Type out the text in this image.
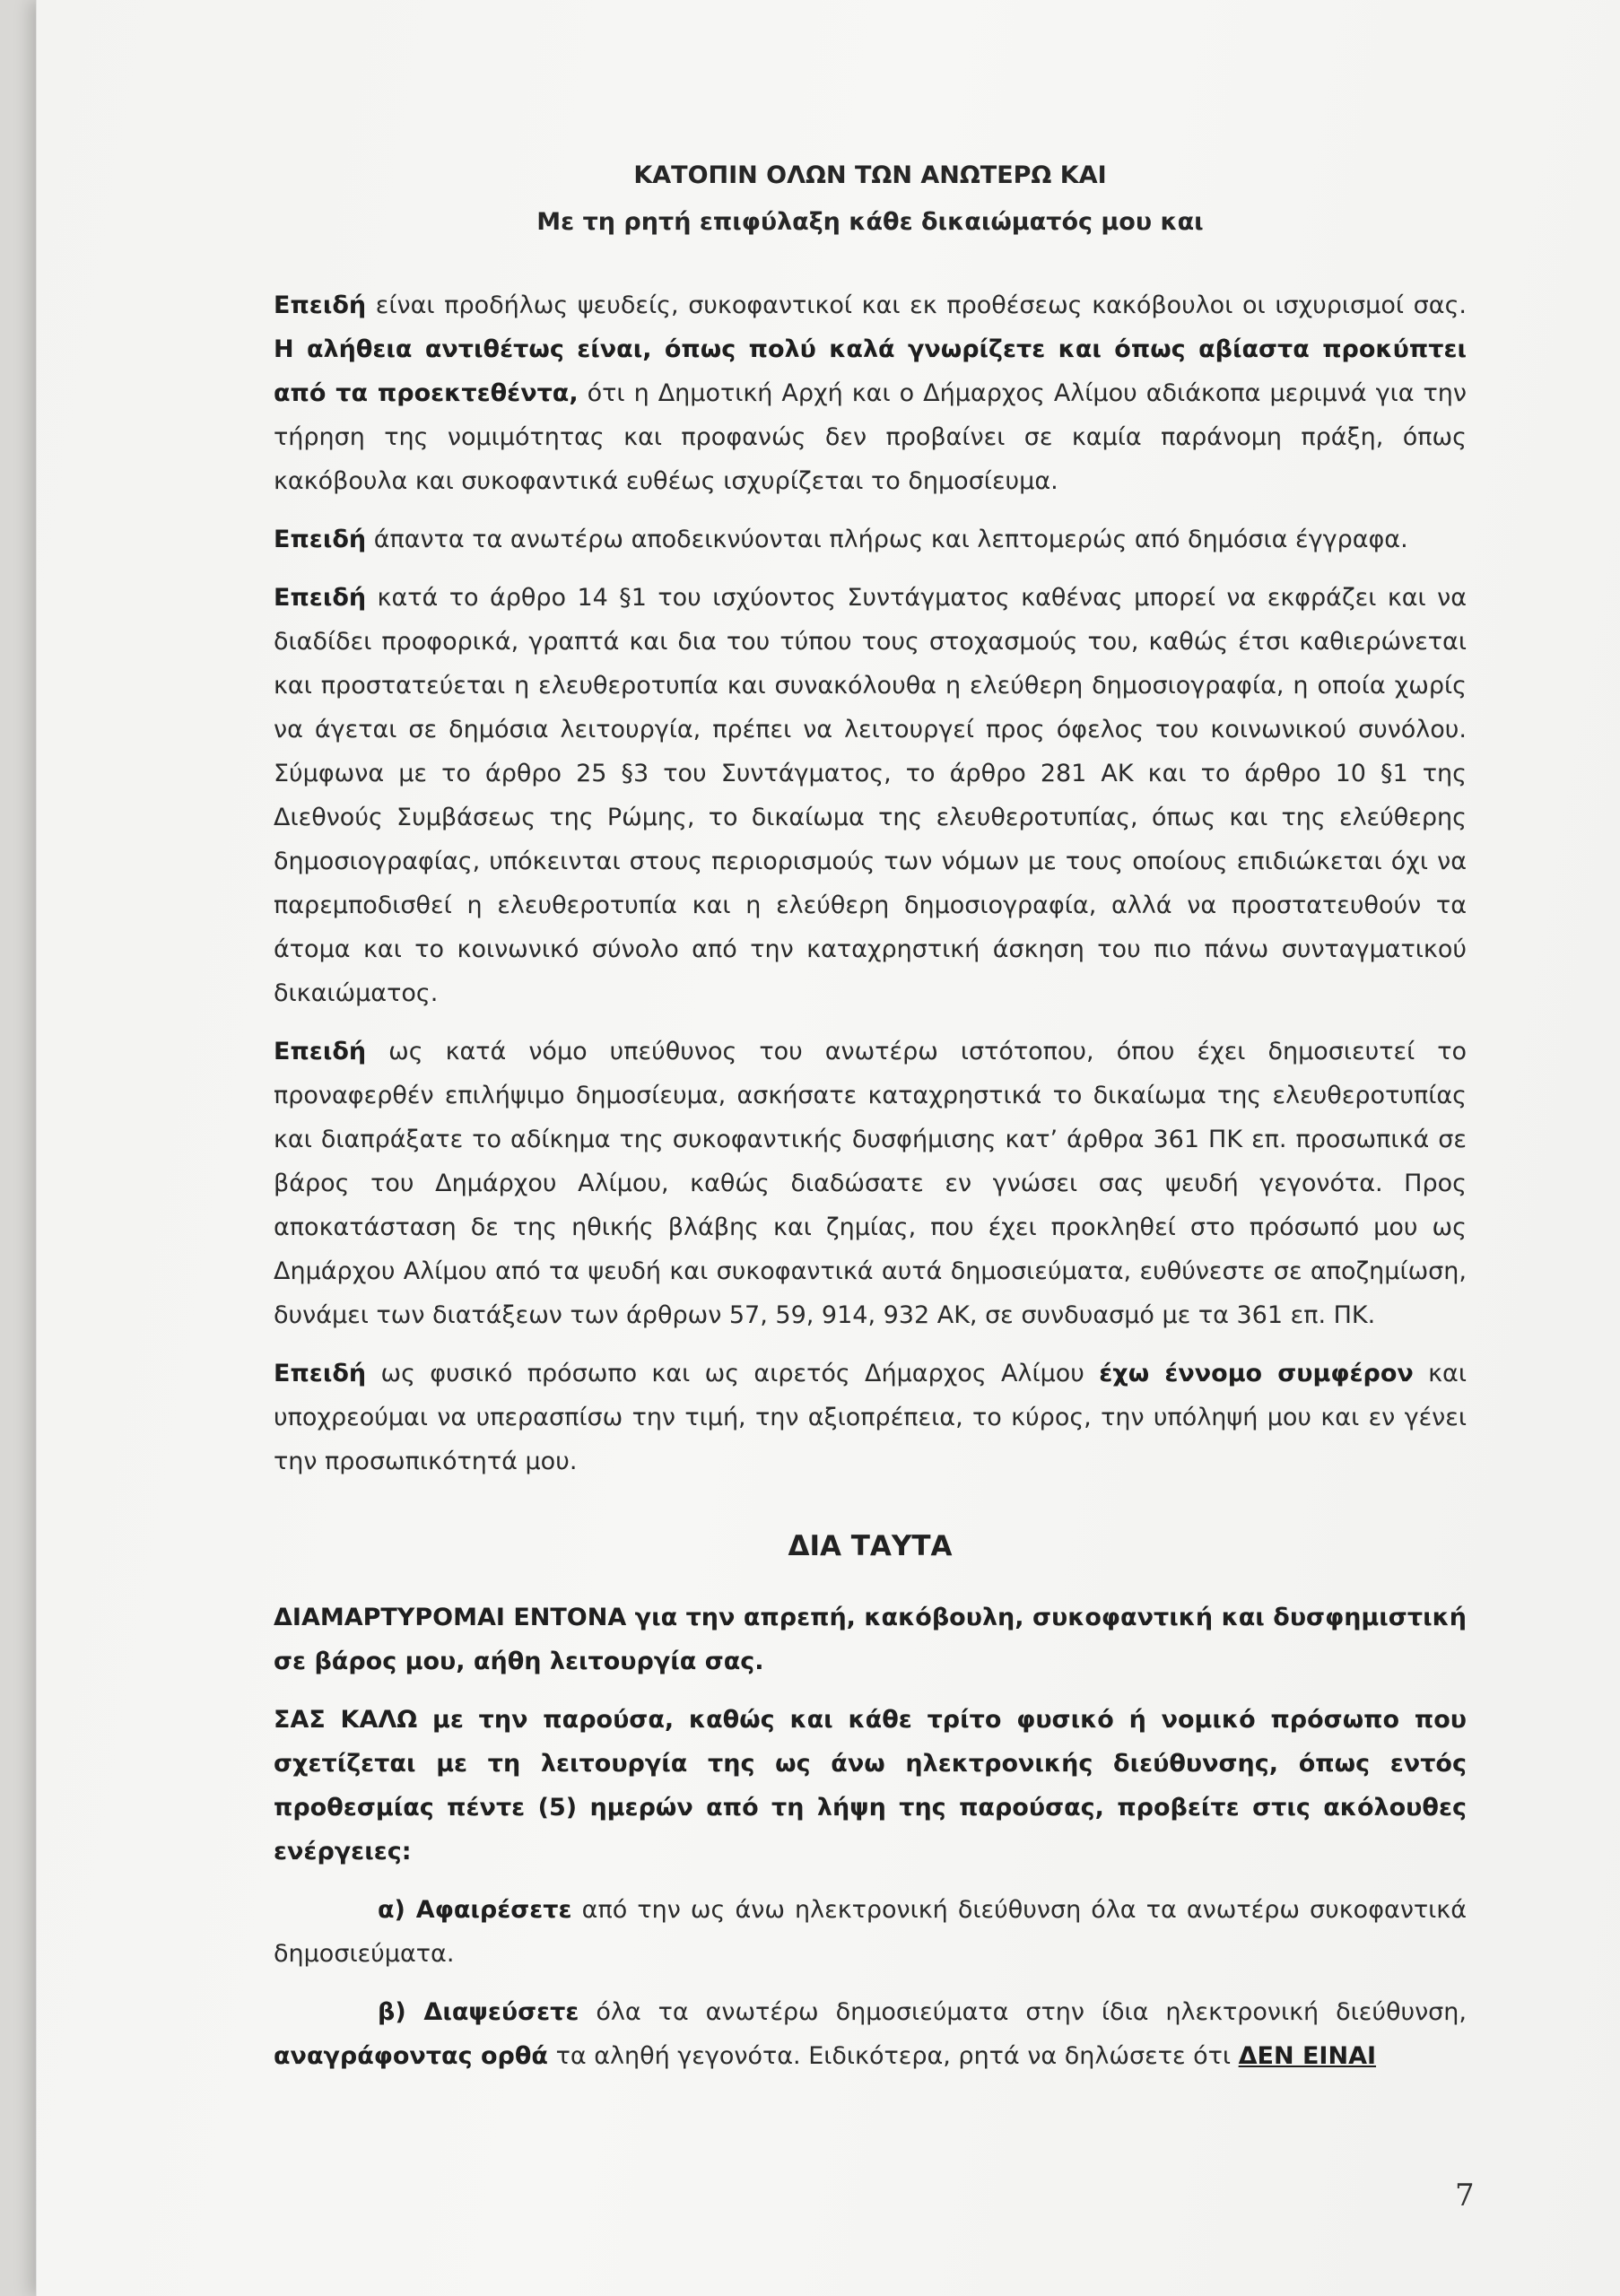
ΚΑΤΟΠΙΝ ΟΛΩΝ ΤΩΝ ΑΝΩΤΕΡΩ ΚΑΙ

Με τη ρητή επιφύλαξη κάθε δικαιώματός μου και

Επειδή είναι προδήλως ψευδείς, συκοφαντικοί και εκ προθέσεως κακόβουλοι οι ισχυρισμοί σας. Η αλήθεια αντιθέτως είναι, όπως πολύ καλά γνωρίζετε και όπως αβίαστα προκύπτει από τα προεκτεθέντα, ότι η Δημοτική Αρχή και ο Δήμαρχος Αλίμου αδιάκοπα μεριμνά για την τήρηση της νομιμότητας και προφανώς δεν προβαίνει σε καμία παράνομη πράξη, όπως κακόβουλα και συκοφαντικά ευθέως ισχυρίζεται το δημοσίευμα.

Επειδή άπαντα τα ανωτέρω αποδεικνύονται πλήρως και λεπτομερώς από δημόσια έγγραφα.

Επειδή κατά το άρθρο 14 §1 του ισχύοντος Συντάγματος καθένας μπορεί να εκφράζει και να διαδίδει προφορικά, γραπτά και δια του τύπου τους στοχασμούς του, καθώς έτσι καθιερώνεται και προστατεύεται η ελευθεροτυπία και συνακόλουθα η ελεύθερη δημοσιογραφία, η οποία χωρίς να άγεται σε δημόσια λειτουργία, πρέπει να λειτουργεί προς όφελος του κοινωνικού συνόλου. Σύμφωνα με το άρθρο 25 §3 του Συντάγματος, το άρθρο 281 ΑΚ και το άρθρο 10 §1 της Διεθνούς Συμβάσεως της Ρώμης, το δικαίωμα της ελευθεροτυπίας, όπως και της ελεύθερης δημοσιογραφίας, υπόκεινται στους περιορισμούς των νόμων με τους οποίους επιδιώκεται όχι να παρεμποδισθεί η ελευθεροτυπία και η ελεύθερη δημοσιογραφία, αλλά να προστατευθούν τα άτομα και το κοινωνικό σύνολο από την καταχρηστική άσκηση του πιο πάνω συνταγματικού δικαιώματος.

Επειδή ως κατά νόμο υπεύθυνος του ανωτέρω ιστότοπου, όπου έχει δημοσιευτεί το προναφερθέν επιλήψιμο δημοσίευμα, ασκήσατε καταχρηστικά το δικαίωμα της ελευθεροτυπίας και διαπράξατε το αδίκημα της συκοφαντικής δυσφήμισης κατ’ άρθρα 361 ΠΚ επ. προσωπικά σε βάρος του Δημάρχου Αλίμου, καθώς διαδώσατε εν γνώσει σας ψευδή γεγονότα. Προς αποκατάσταση δε της ηθικής βλάβης και ζημίας, που έχει προκληθεί στο πρόσωπό μου ως Δημάρχου Αλίμου από τα ψευδή και συκοφαντικά αυτά δημοσιεύματα, ευθύνεστε σε αποζημίωση, δυνάμει των διατάξεων των άρθρων 57, 59, 914, 932 ΑΚ, σε συνδυασμό με τα 361 επ. ΠΚ.

Επειδή ως φυσικό πρόσωπο και ως αιρετός Δήμαρχος Αλίμου έχω έννομο συμφέρον και υποχρεούμαι να υπερασπίσω την τιμή, την αξιοπρέπεια, το κύρος, την υπόληψή μου και εν γένει την προσωπικότητά μου.

ΔΙΑ ΤΑΥΤΑ

ΔΙΑΜΑΡΤΥΡΟΜΑΙ ΕΝΤΟΝΑ για την απρεπή, κακόβουλη, συκοφαντική και δυσφημιστική σε βάρος μου, αήθη λειτουργία σας.

ΣΑΣ ΚΑΛΩ με την παρούσα, καθώς και κάθε τρίτο φυσικό ή νομικό πρόσωπο που σχετίζεται με τη λειτουργία της ως άνω ηλεκτρονικής διεύθυνσης, όπως εντός προθεσμίας πέντε (5) ημερών από τη λήψη της παρούσας, προβείτε στις ακόλουθες ενέργειες:

α) Αφαιρέσετε από την ως άνω ηλεκτρονική διεύθυνση όλα τα ανωτέρω συκοφαντικά δημοσιεύματα.

β) Διαψεύσετε όλα τα ανωτέρω δημοσιεύματα στην ίδια ηλεκτρονική διεύθυνση, αναγράφοντας ορθά τα αληθή γεγονότα. Ειδικότερα, ρητά να δηλώσετε ότι ΔΕΝ ΕΙΝΑΙ

7
